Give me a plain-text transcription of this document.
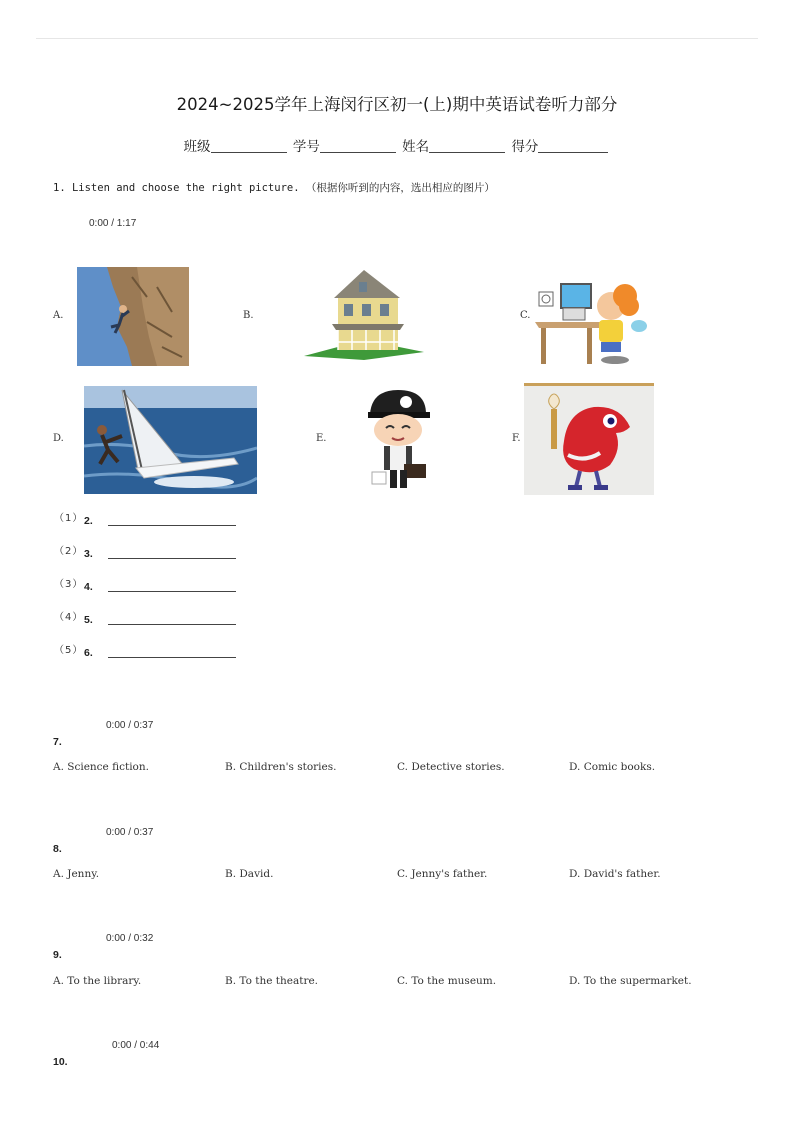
2024~2025学年上海闵行区初一(上)期中英语试卷听力部分
班级	学号	姓名	得分
1. Listen and choose the right picture. （根据你听到的内容，选出相应的图片）
0:00 / 1:17
A.	B.	C.
D.	E.	F.
（1） 2.
（2） 3.
（3） 4.
（4） 5.
（5） 6.
0:00 / 0:37
7.
A. Science fiction.	B. Children's stories.	C. Detective stories.	D. Comic books.
0:00 / 0:37
8.
A. Jenny.	B. David.	C. Jenny's father.	D. David's father.
0:00 / 0:32
9.
A. To the library.	B. To the theatre.	C. To the museum.	D. To the supermarket.
0:00 / 0:44
10.
